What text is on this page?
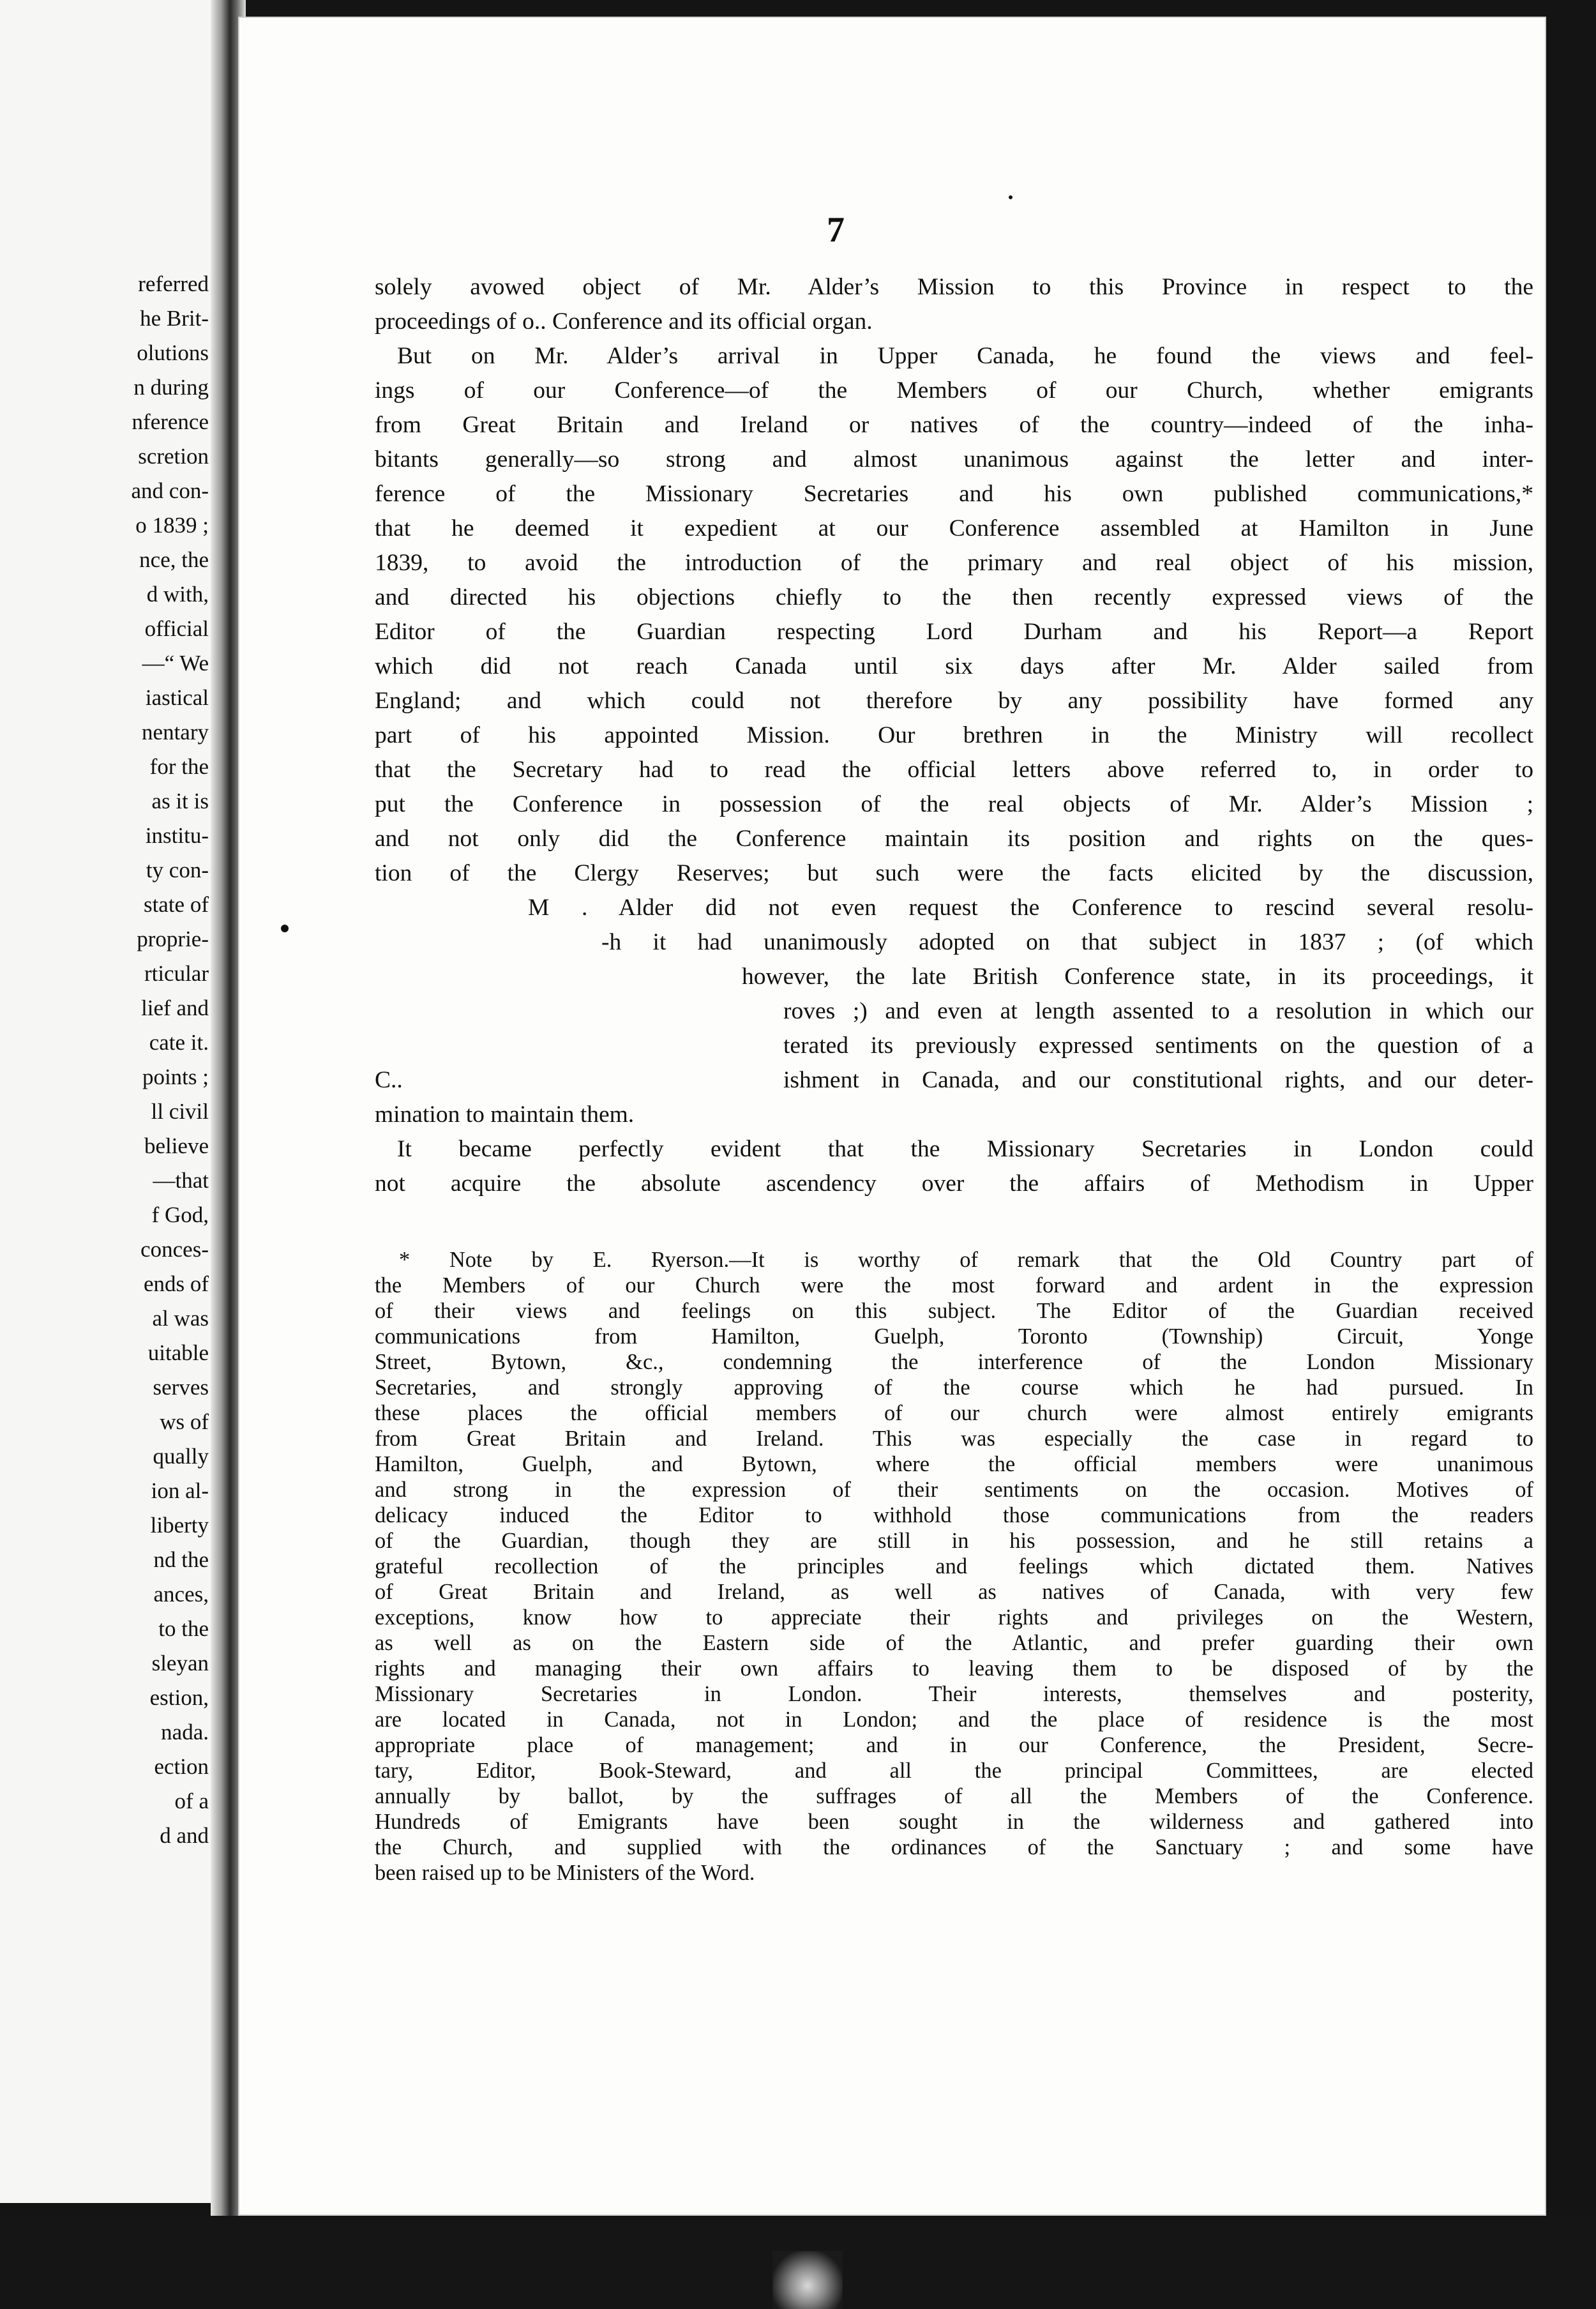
referred
he Brit-
olutions
n during
nference
scretion
and con-
o 1839 ;
nce, the
d with,
official
—“ We
iastical
nentary
for the
as it is
institu-
ty con-
state of
proprie-
rticular
lief and
cate it.
points ;
ll civil
believe
—that
f God,
conces-
ends of
al was
uitable
serves
ws of
qually
ion al-
liberty
nd the
ances,
to the
sleyan
estion,
nada.
ection
of a
d and
7
solely avowed object of Mr. Alder’s Mission to this Province in respect to the
proceedings of o.. Conference and its official organ.
But on Mr. Alder’s arrival in Upper Canada, he found the views and feel-
ings of our Conference—of the Members of our Church, whether emigrants
from Great Britain and Ireland or natives of the country—indeed of the inha-
bitants generally—so strong and almost unanimous against the letter and inter-
ference of the Missionary Secretaries and his own published communications,*
that he deemed it expedient at our Conference assembled at Hamilton in June
1839, to avoid the introduction of the primary and real object of his mission,
and directed his objections chiefly to the then recently expressed views of the
Editor of the Guardian respecting Lord Durham and his Report—a Report
which did not reach Canada until six days after Mr. Alder sailed from
England; and which could not therefore by any possibility have formed any
part of his appointed Mission. Our brethren in the Ministry will recollect
that the Secretary had to read the official letters above referred to, in order to
put the Conference in possession of the real objects of Mr. Alder’s Mission ;
and not only did the Conference maintain its position and rights on the ques-
tion of the Clergy Reserves; but such were the facts elicited by the discussion,
M . Alder did not even request the Conference to rescind several resolu-
-h it had unanimously adopted on that subject in 1837 ; (of which
however, the late British Conference state, in its proceedings, it
roves ;) and even at length assented to a resolution in which our
terated its previously expressed sentiments on the question of a
C..	ishment in Canada, and our constitutional rights, and our deter-
mination to maintain them.
It became perfectly evident that the Missionary Secretaries in London could
not acquire the absolute ascendency over the affairs of Methodism in Upper
* Note by E. Ryerson.—It is worthy of remark that the Old Country part of
the Members of our Church were the most forward and ardent in the expression
of their views and feelings on this subject. The Editor of the Guardian received
communications from Hamilton, Guelph, Toronto (Township) Circuit, Yonge
Street, Bytown, &c., condemning the interference of the London Missionary
Secretaries, and strongly approving of the course which he had pursued. In
these places the official members of our church were almost entirely emigrants
from Great Britain and Ireland. This was especially the case in regard to
Hamilton, Guelph, and Bytown, where the official members were unanimous
and strong in the expression of their sentiments on the occasion. Motives of
delicacy induced the Editor to withhold those communications from the readers
of the Guardian, though they are still in his possession, and he still retains a
grateful recollection of the principles and feelings which dictated them. Natives
of Great Britain and Ireland, as well as natives of Canada, with very few
exceptions, know how to appreciate their rights and privileges on the Western,
as well as on the Eastern side of the Atlantic, and prefer guarding their own
rights and managing their own affairs to leaving them to be disposed of by the
Missionary Secretaries in London. Their interests, themselves and posterity,
are located in Canada, not in London; and the place of residence is the most
appropriate place of management; and in our Conference, the President, Secre-
tary, Editor, Book-Steward, and all the principal Committees, are elected
annually by ballot, by the suffrages of all the Members of the Conference.
Hundreds of Emigrants have been sought in the wilderness and gathered into
the Church, and supplied with the ordinances of the Sanctuary ; and some have
been raised up to be Ministers of the Word.
